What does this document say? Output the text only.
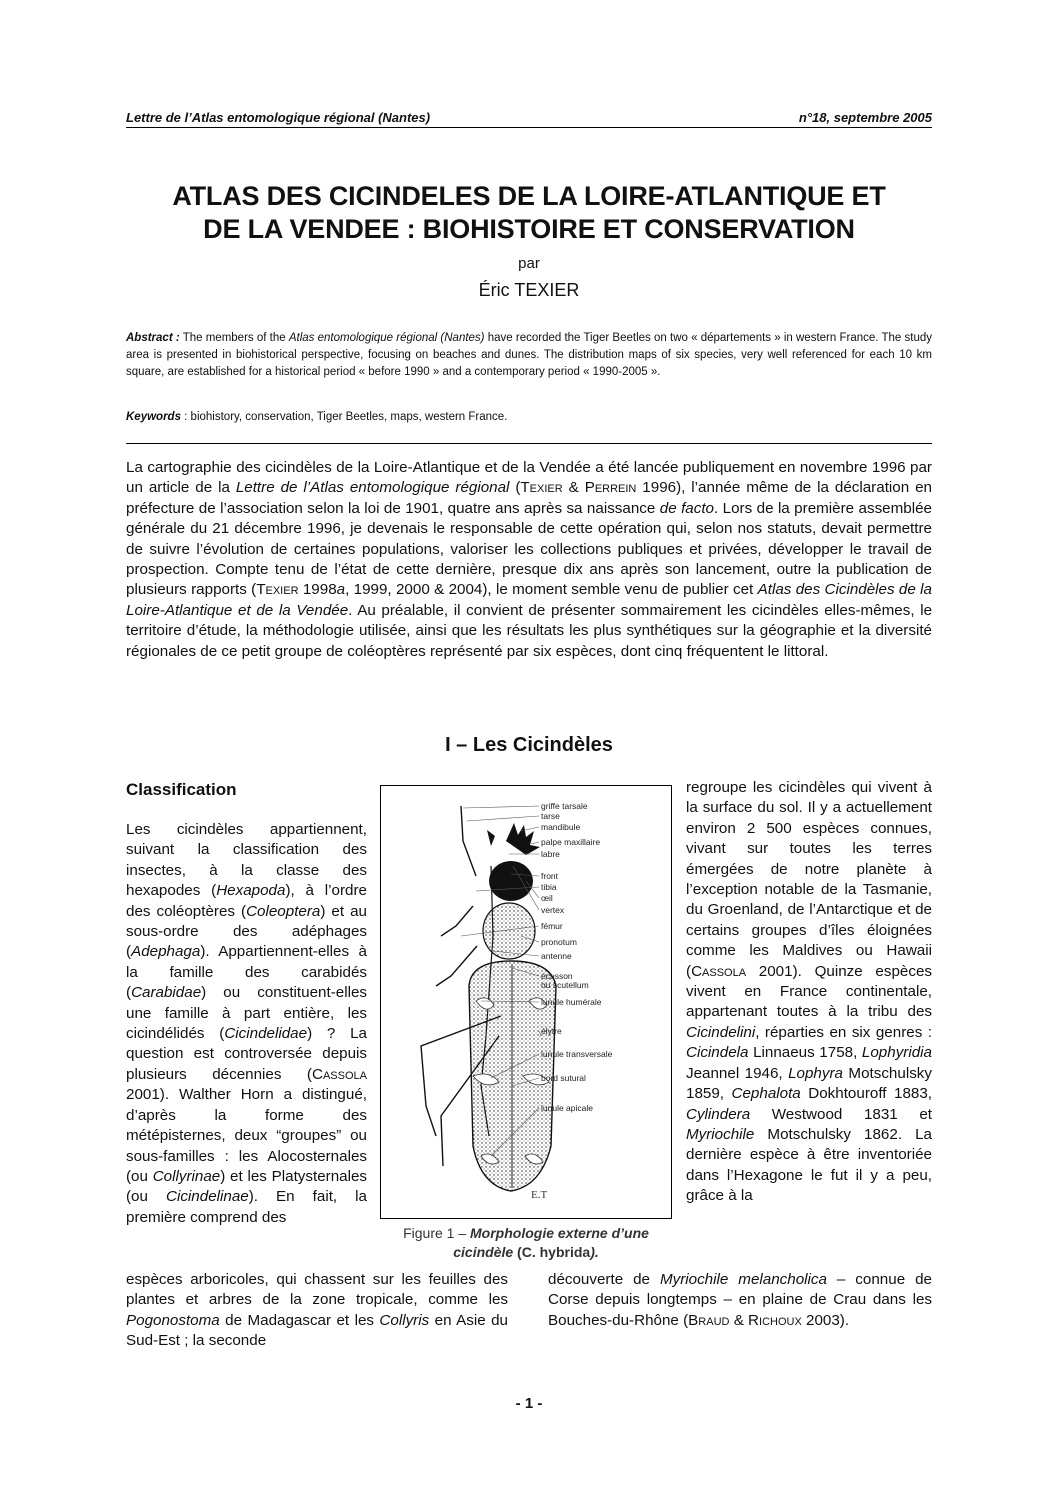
Lettre de l’Atlas entomologique régional (Nantes)	n°18, septembre 2005
ATLAS DES CICINDELES DE LA LOIRE-ATLANTIQUE ET
DE LA VENDEE : BIOHISTOIRE ET CONSERVATION
par
Éric TEXIER
Abstract : The members of the Atlas entomologique régional (Nantes) have recorded the Tiger Beetles on two « départements » in western France. The study area is presented in biohistorical perspective, focusing on beaches and dunes. The distribution maps of six species, very well referenced for each 10 km square, are established for a historical period « before 1990 » and a contemporary period « 1990-2005 ».
Keywords : biohistory, conservation, Tiger Beetles, maps, western France.
La cartographie des cicindèles de la Loire-Atlantique et de la Vendée a été lancée publiquement en novembre 1996 par un article de la Lettre de l’Atlas entomologique régional (Texier & Perrein 1996), l’année même de la déclaration en préfecture de l’association selon la loi de 1901, quatre ans après sa naissance de facto. Lors de la première assemblée générale du 21 décembre 1996, je devenais le responsable de cette opération qui, selon nos statuts, devait permettre de suivre l’évolution de certaines populations, valoriser les collections publiques et privées, développer le travail de prospection. Compte tenu de l’état de cette dernière, presque dix ans après son lancement, outre la publication de plusieurs rapports (Texier 1998a, 1999, 2000 & 2004), le moment semble venu de publier cet Atlas des Cicindèles de la Loire-Atlantique et de la Vendée. Au préalable, il convient de présenter sommairement les cicindèles elles-mêmes, le territoire d’étude, la méthodologie utilisée, ainsi que les résultats les plus synthétiques sur la géographie et la diversité régionales de ce petit groupe de coléoptères représenté par six espèces, dont cinq fréquentent le littoral.
I – Les Cicindèles
Classification
Les cicindèles appartiennent, suivant la classification des insectes, à la classe des hexapodes (Hexapoda), à l’ordre des coléoptères (Coleoptera) et au sous-ordre des adéphages (Adephaga). Appartiennent-elles à la famille des carabidés (Carabidae) ou constituent-elles une famille à part entière, les cicindélidés (Cicindelidae) ? La question est controversée depuis plusieurs décennies (Cassola 2001). Walther Horn a distingué, d’après la forme des métépisternes, deux “groupes” ou sous-familles : les Alocosternales (ou Collyrinae) et les Platysternales (ou Cicindelinae). En fait, la première comprend des
espèces arboricoles, qui chassent sur les feuilles des plantes et arbres de la zone tropicale, comme les Pogonostoma de Madagascar et les Collyris en Asie du Sud-Est ; la seconde
regroupe les cicindèles qui vivent à la surface du sol. Il y a actuellement environ 2 500 espèces connues, vivant sur toutes les terres émergées de notre planète à l’exception notable de la Tasmanie, du Groenland, de l’Antarctique et de certains groupes d’îles éloignées comme les Maldives ou Hawaii (Cassola 2001). Quinze espèces vivent en France continentale, appartenant toutes à la tribu des Cicindelini, réparties en six genres : Cicindela Linnaeus 1758, Lophyridia Jeannel 1946, Lophyra Motschulsky 1859, Cephalota Dokhtouroff 1883, Cylindera Westwood 1831 et Myriochile Motschulsky 1862. La dernière espèce à être inventoriée dans l’Hexagone le fut il y a peu, grâce à la
découverte de Myriochile melancholica – connue de Corse depuis longtemps – en plaine de Crau dans les Bouches-du-Rhône (Braud & Richoux 2003).
griffe tarsale
tarse
mandibule
palpe maxillaire
labre
front
tibia
œil
vertex
fémur
pronotum
antenne
écusson
ou scutellum
lunule humérale
élytre
lunule transversale
bord sutural
lunule apicale
E.T
Figure 1 – Morphologie externe d’une cicindèle (C. hybrida).
- 1 -
